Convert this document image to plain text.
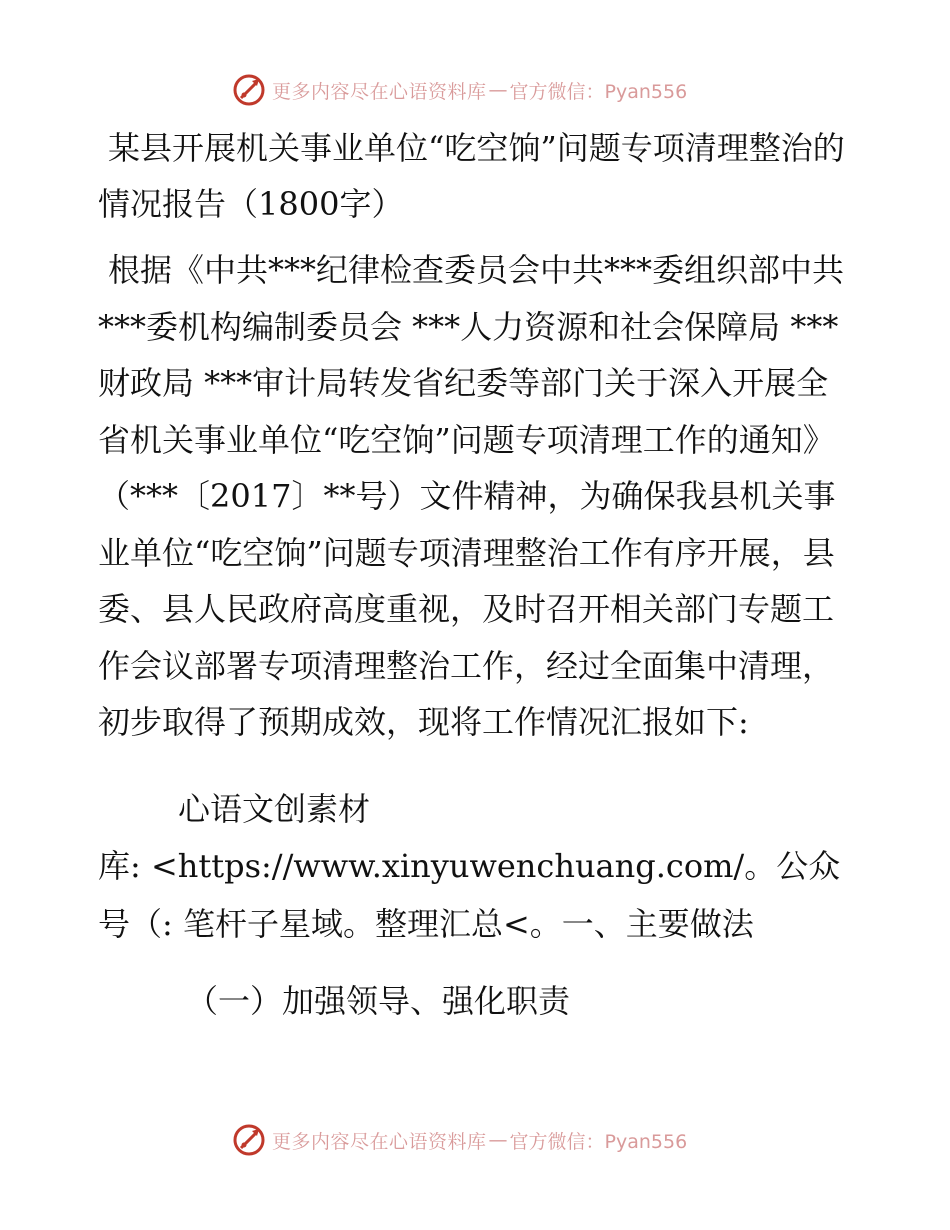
更多内容尽在心语资料库 — 官方微信：Pyan556
某县开展机关事业单位“吃空饷”问题专项清理整治的情况报告（1800字）

根据《中共***纪律检查委员会中共***委组织部中共***委机构编制委员会 ***人力资源和社会保障局 ***财政局 ***审计局转发省纪委等部门关于深入开展全省机关事业单位“吃空饷”问题专项清理工作的通知》（***〔2017〕**号）文件精神，为确保我县机关事业单位“吃空饷”问题专项清理整治工作有序开展，县委、县人民政府高度重视，及时召开相关部门专题工作会议部署专项清理整治工作，经过全面集中清理，初步取得了预期成效，现将工作情况汇报如下:

心语文创素材

库: <https://www.xinyuwenchuang.com/。公众号（: 笔杆子星域。整理汇总<。一、主要做法

（一）加强领导、强化职责

更多内容尽在心语资料库 — 官方微信：Pyan556
